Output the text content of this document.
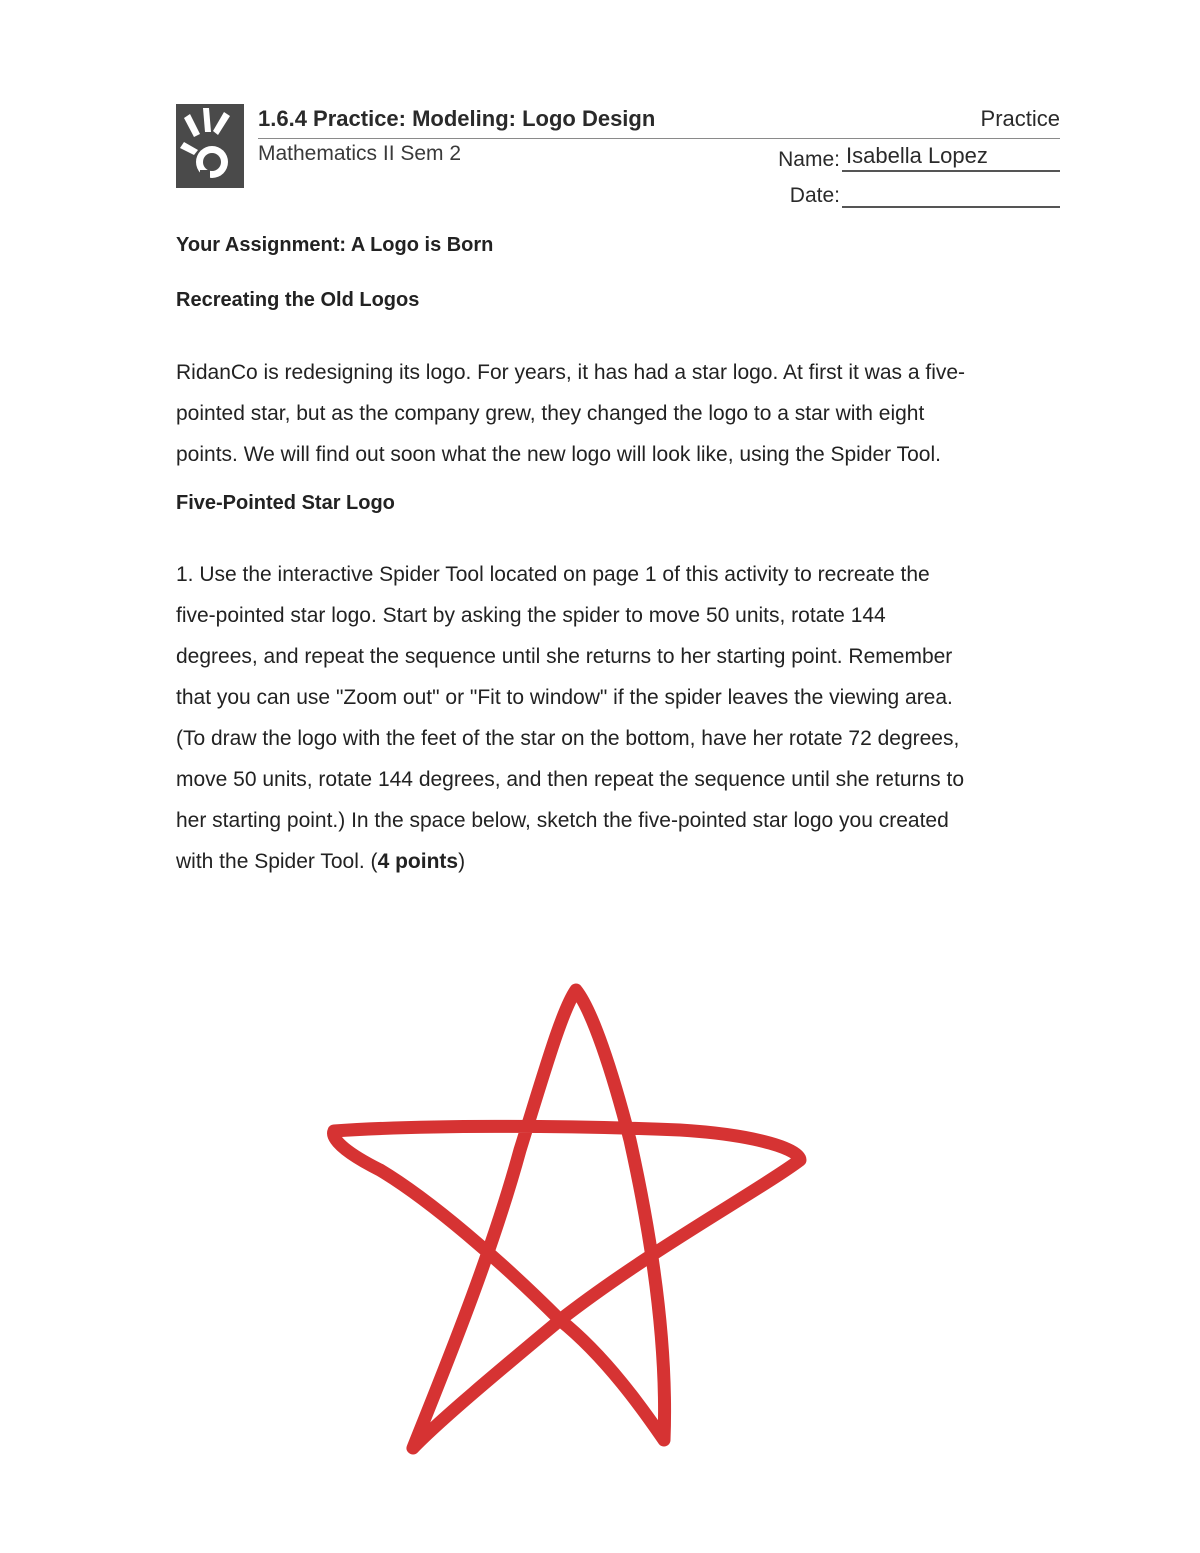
1.6.4 Practice: Modeling: Logo Design	Practice
Mathematics II Sem 2	Name: Isabella Lopez
Date:
Your Assignment: A Logo is Born
Recreating the Old Logos
RidanCo is redesigning its logo. For years, it has had a star logo. At first it was a five-
pointed star, but as the company grew, they changed the logo to a star with eight
points. We will find out soon what the new logo will look like, using the Spider Tool.
Five-Pointed Star Logo
1. Use the interactive Spider Tool located on page 1 of this activity to recreate the
five-pointed star logo. Start by asking the spider to move 50 units, rotate 144
degrees, and repeat the sequence until she returns to her starting point. Remember
that you can use "Zoom out" or "Fit to window" if the spider leaves the viewing area.
(To draw the logo with the feet of the star on the bottom, have her rotate 72 degrees,
move 50 units, rotate 144 degrees, and then repeat the sequence until she returns to
her starting point.) In the space below, sketch the five-pointed star logo you created
with the Spider Tool. (4 points)
